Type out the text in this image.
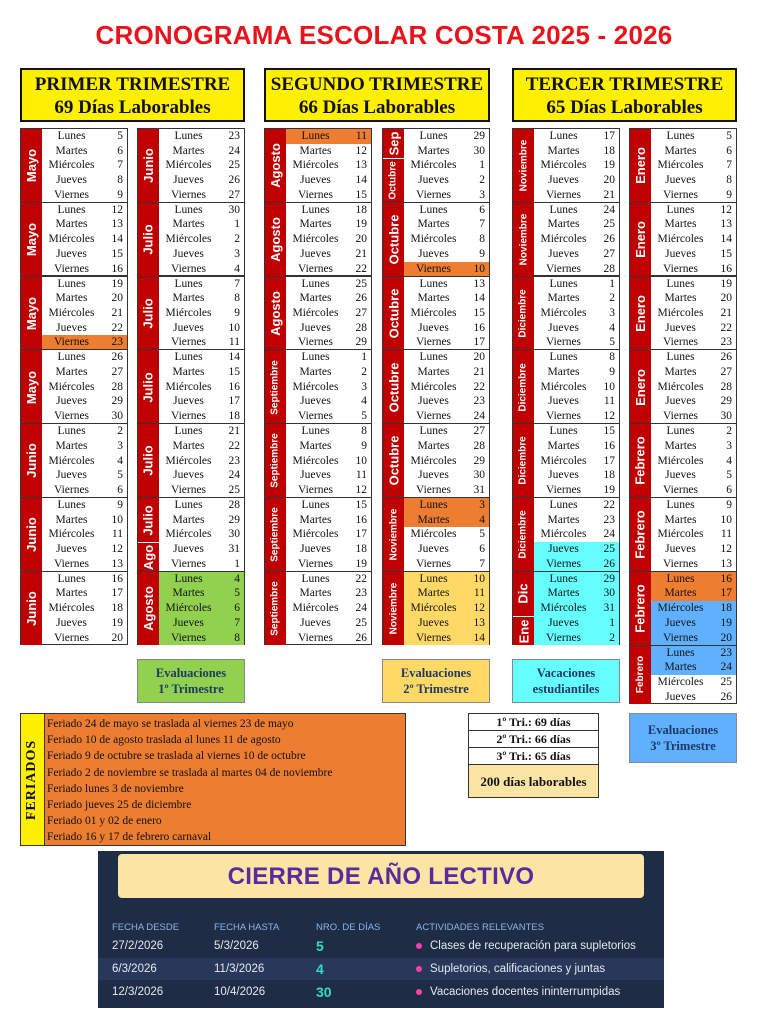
CRONOGRAMA ESCOLAR COSTA 2025 - 2026
PRIMER TRIMESTRE
69 Días Laborables
SEGUNDO TRIMESTRE
66 Días Laborables
TERCER TRIMESTRE
65 Días Laborables
Mayo
Lunes	5
Martes	6
Miércoles	7
Jueves	8
Viernes	9
Mayo
Lunes	12
Martes	13
Miércoles	14
Jueves	15
Viernes	16
Mayo
Lunes	19
Martes	20
Miércoles	21
Jueves	22
Viernes	23
Mayo
Lunes	26
Martes	27
Miércoles	28
Jueves	29
Viernes	30
Junio
Lunes	2
Martes	3
Miércoles	4
Jueves	5
Viernes	6
Junio
Lunes	9
Martes	10
Miércoles	11
Jueves	12
Viernes	13
Junio
Lunes	16
Martes	17
Miércoles	18
Jueves	19
Viernes	20
Junio
Lunes	23
Martes	24
Miércoles	25
Jueves	26
Viernes	27
Julio
Lunes	30
Martes	1
Miércoles	2
Jueves	3
Viernes	4
Julio
Lunes	7
Martes	8
Miércoles	9
Jueves	10
Viernes	11
Julio
Lunes	14
Martes	15
Miércoles	16
Jueves	17
Viernes	18
Julio
Lunes	21
Martes	22
Miércoles	23
Jueves	24
Viernes	25
Julio
Ago
Lunes	28
Martes	29
Miércoles	30
Jueves	31
Viernes	1
Agosto
Lunes	4
Martes	5
Miércoles	6
Jueves	7
Viernes	8
Agosto
Lunes	11
Martes	12
Miércoles	13
Jueves	14
Viernes	15
Agosto
Lunes	18
Martes	19
Miércoles	20
Jueves	21
Viernes	22
Agosto
Lunes	25
Martes	26
Miércoles	27
Jueves	28
Viernes	29
Septiembre
Lunes	1
Martes	2
Miércoles	3
Jueves	4
Viernes	5
Septiembre
Lunes	8
Martes	9
Miércoles	10
Jueves	11
Viernes	12
Septiembre
Lunes	15
Martes	16
Miércoles	17
Jueves	18
Viernes	19
Septiembre
Lunes	22
Martes	23
Miércoles	24
Jueves	25
Viernes	26
Sep
Octubre
Lunes	29
Martes	30
Miércoles	1
Jueves	2
Viernes	3
Octubre
Lunes	6
Martes	7
Miércoles	8
Jueves	9
Viernes	10
Octubre
Lunes	13
Martes	14
Miércoles	15
Jueves	16
Viernes	17
Octubre
Lunes	20
Martes	21
Miércoles	22
Jueves	23
Viernes	24
Octubre
Lunes	27
Martes	28
Miércoles	29
Jueves	30
Viernes	31
Noviembre
Lunes	3
Martes	4
Miércoles	5
Jueves	6
Viernes	7
Noviembre
Lunes	10
Martes	11
Miércoles	12
Jueves	13
Viernes	14
Noviembre
Lunes	17
Martes	18
Miércoles	19
Jueves	20
Viernes	21
Noviembre
Lunes	24
Martes	25
Miércoles	26
Jueves	27
Viernes	28
Diciembre
Lunes	1
Martes	2
Miércoles	3
Jueves	4
Viernes	5
Diciembre
Lunes	8
Martes	9
Miércoles	10
Jueves	11
Viernes	12
Diciembre
Lunes	15
Martes	16
Miércoles	17
Jueves	18
Viernes	19
Diciembre
Lunes	22
Martes	23
Miércoles	24
Jueves	25
Viernes	26
Dic
Ene
Lunes	29
Martes	30
Miércoles	31
Jueves	1
Viernes	2
Enero
Lunes	5
Martes	6
Miércoles	7
Jueves	8
Viernes	9
Enero
Lunes	12
Martes	13
Miércoles	14
Jueves	15
Viernes	16
Enero
Lunes	19
Martes	20
Miércoles	21
Jueves	22
Viernes	23
Enero
Lunes	26
Martes	27
Miércoles	28
Jueves	29
Viernes	30
Febrero
Lunes	2
Martes	3
Miércoles	4
Jueves	5
Viernes	6
Febrero
Lunes	9
Martes	10
Miércoles	11
Jueves	12
Viernes	13
Febrero
Lunes	16
Martes	17
Miércoles	18
Jueves	19
Viernes	20
Febrero
Lunes	23
Martes	24
Miércoles	25
Jueves	26
Evaluaciones
1º Trimestre
Evaluaciones
2º Trimestre
Vacaciones
estudiantiles
Evaluaciones
3º Trimestre
FERIADOS
Feriado 24 de mayo se traslada al viernes 23 de mayo
Feriado 10 de agosto traslada al lunes 11 de agosto
Feriado 9 de octubre se traslada al viernes 10 de octubre
Feriado 2 de noviembre se traslada al martes 04 de noviembre
Feriado lunes 3 de noviembre
Feriado jueves 25 de diciembre
Feriado 01 y 02 de enero
Feriado 16 y 17 de febrero carnaval
1º Tri.: 69 días
2º Tri.: 66 días
3º Tri.: 65 días
200 días laborables
CIERRE DE AÑO LECTIVO
FECHA DESDE	FECHA HASTA	NRO. DE DÍAS	ACTIVIDADES RELEVANTES
27/2/2026	5/3/2026	5	Clases de recuperación para supletorios
6/3/2026	11/3/2026	4	Supletorios, calificaciones y juntas
12/3/2026	10/4/2026	30	Vacaciones docentes ininterrumpidas
